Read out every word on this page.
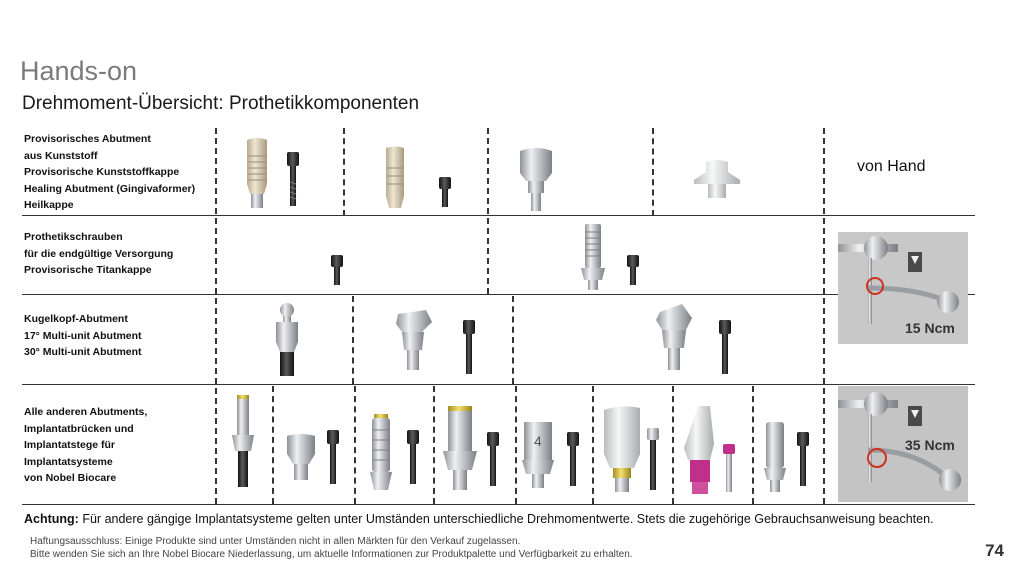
Hands-on
Drehmoment-Übersicht: Prothetikkomponenten
Provisorisches Abutment
aus Kunststoff
Provisorische Kunststoffkappe
Healing Abutment (Gingivaformer)
Heilkappe
Prothetikschrauben
für die endgültige Versorgung
Provisorische Titankappe
Kugelkopf-Abutment
17° Multi-unit Abutment
30° Multi-unit Abutment
Alle anderen Abutments,
Implantatbrücken und
Implantatstege für
Implantatsysteme
von Nobel Biocare
4
von Hand
15 Ncm
35 Ncm
Achtung: Für andere gängige Implantatsysteme gelten unter Umständen unterschiedliche Drehmomentwerte. Stets die zugehörige Gebrauchsanweisung beachten.
Haftungsausschluss: Einige Produkte sind unter Umständen nicht in allen Märkten für den Verkauf zugelassen.
Bitte wenden Sie sich an Ihre Nobel Biocare Niederlassung, um aktuelle Informationen zur Produktpalette und Verfügbarkeit zu erhalten.	74
